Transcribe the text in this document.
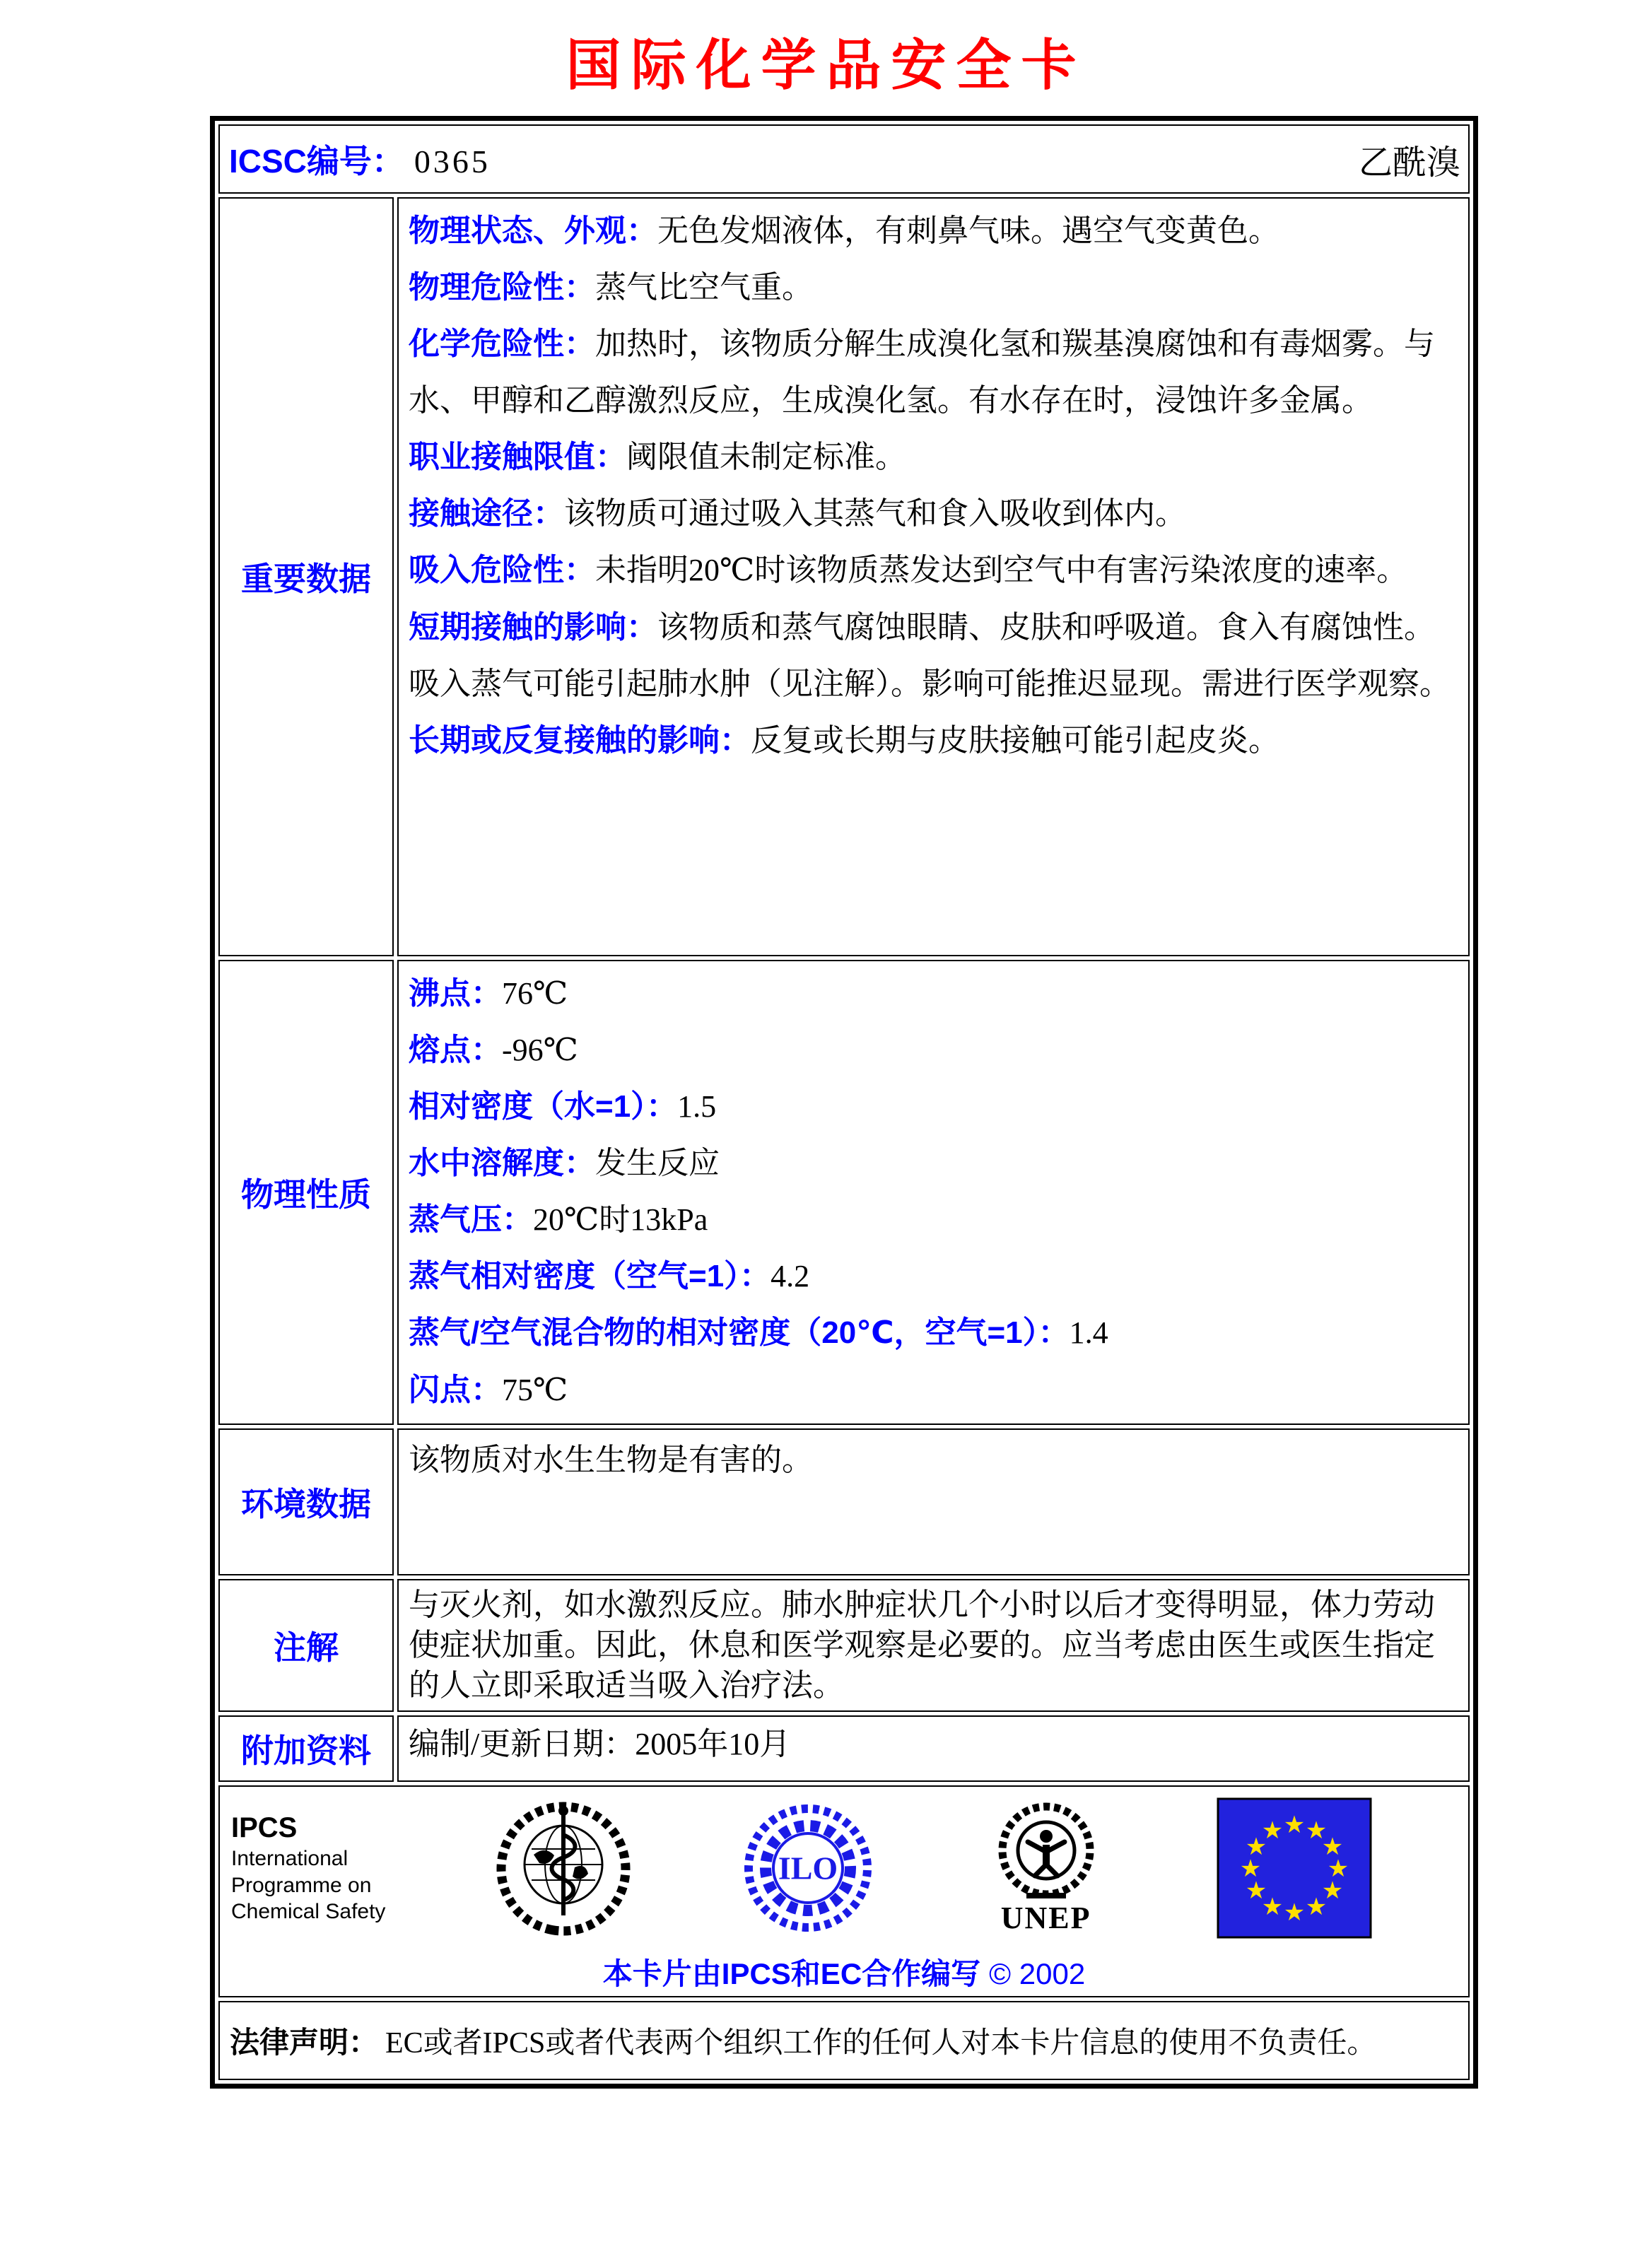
国际化学品安全卡
ICSC编号： 0365 乙酰溴	

重要数据	

物理状态、外观：无色发烟液体，有刺鼻气味。遇空气变黄色。

物理危险性：蒸气比空气重。

化学危险性：加热时，该物质分解生成溴化氢和羰基溴腐蚀和有毒烟雾。与水、甲醇和乙醇激烈反应，生成溴化氢。有水存在时，浸蚀许多金属。

职业接触限值：阈限值未制定标准。

接触途径：该物质可通过吸入其蒸气和食入吸收到体内。

吸入危险性：未指明20℃时该物质蒸发达到空气中有害污染浓度的速率。

短期接触的影响：该物质和蒸气腐蚀眼睛、皮肤和呼吸道。食入有腐蚀性。吸入蒸气可能引起肺水肿（见注解）。影响可能推迟显现。需进行医学观察。

长期或反复接触的影响：反复或长期与皮肤接触可能引起皮炎。

物理性质	

沸点：76℃

熔点：-96℃

相对密度（水=1）：1.5

水中溶解度：发生反应

蒸气压：20℃时13kPa

蒸气相对密度（空气=1）：4.2

蒸气/空气混合物的相对密度（20℃，空气=1）：1.4

闪点：75℃

环境数据	该物质对水生生物是有害的。

注解	与灭火剂，如水激烈反应。肺水肿症状几个小时以后才变得明显，体力劳动使症状加重。因此，休息和医学观察是必要的。应当考虑由医生或医生指定的人立即采取适当吸入治疗法。

附加资料	编制/更新日期：2005年10月

IPCS
International
Programme on
Chemical Safety
ILO
UNEP
★ ★
★
★
★
★
★
★
★
★
★
★
本卡片由IPCS和EC合作编写 © 2002

法律声明： EC或者IPCS或者代表两个组织工作的任何人对本卡片信息的使用不负责任。	
